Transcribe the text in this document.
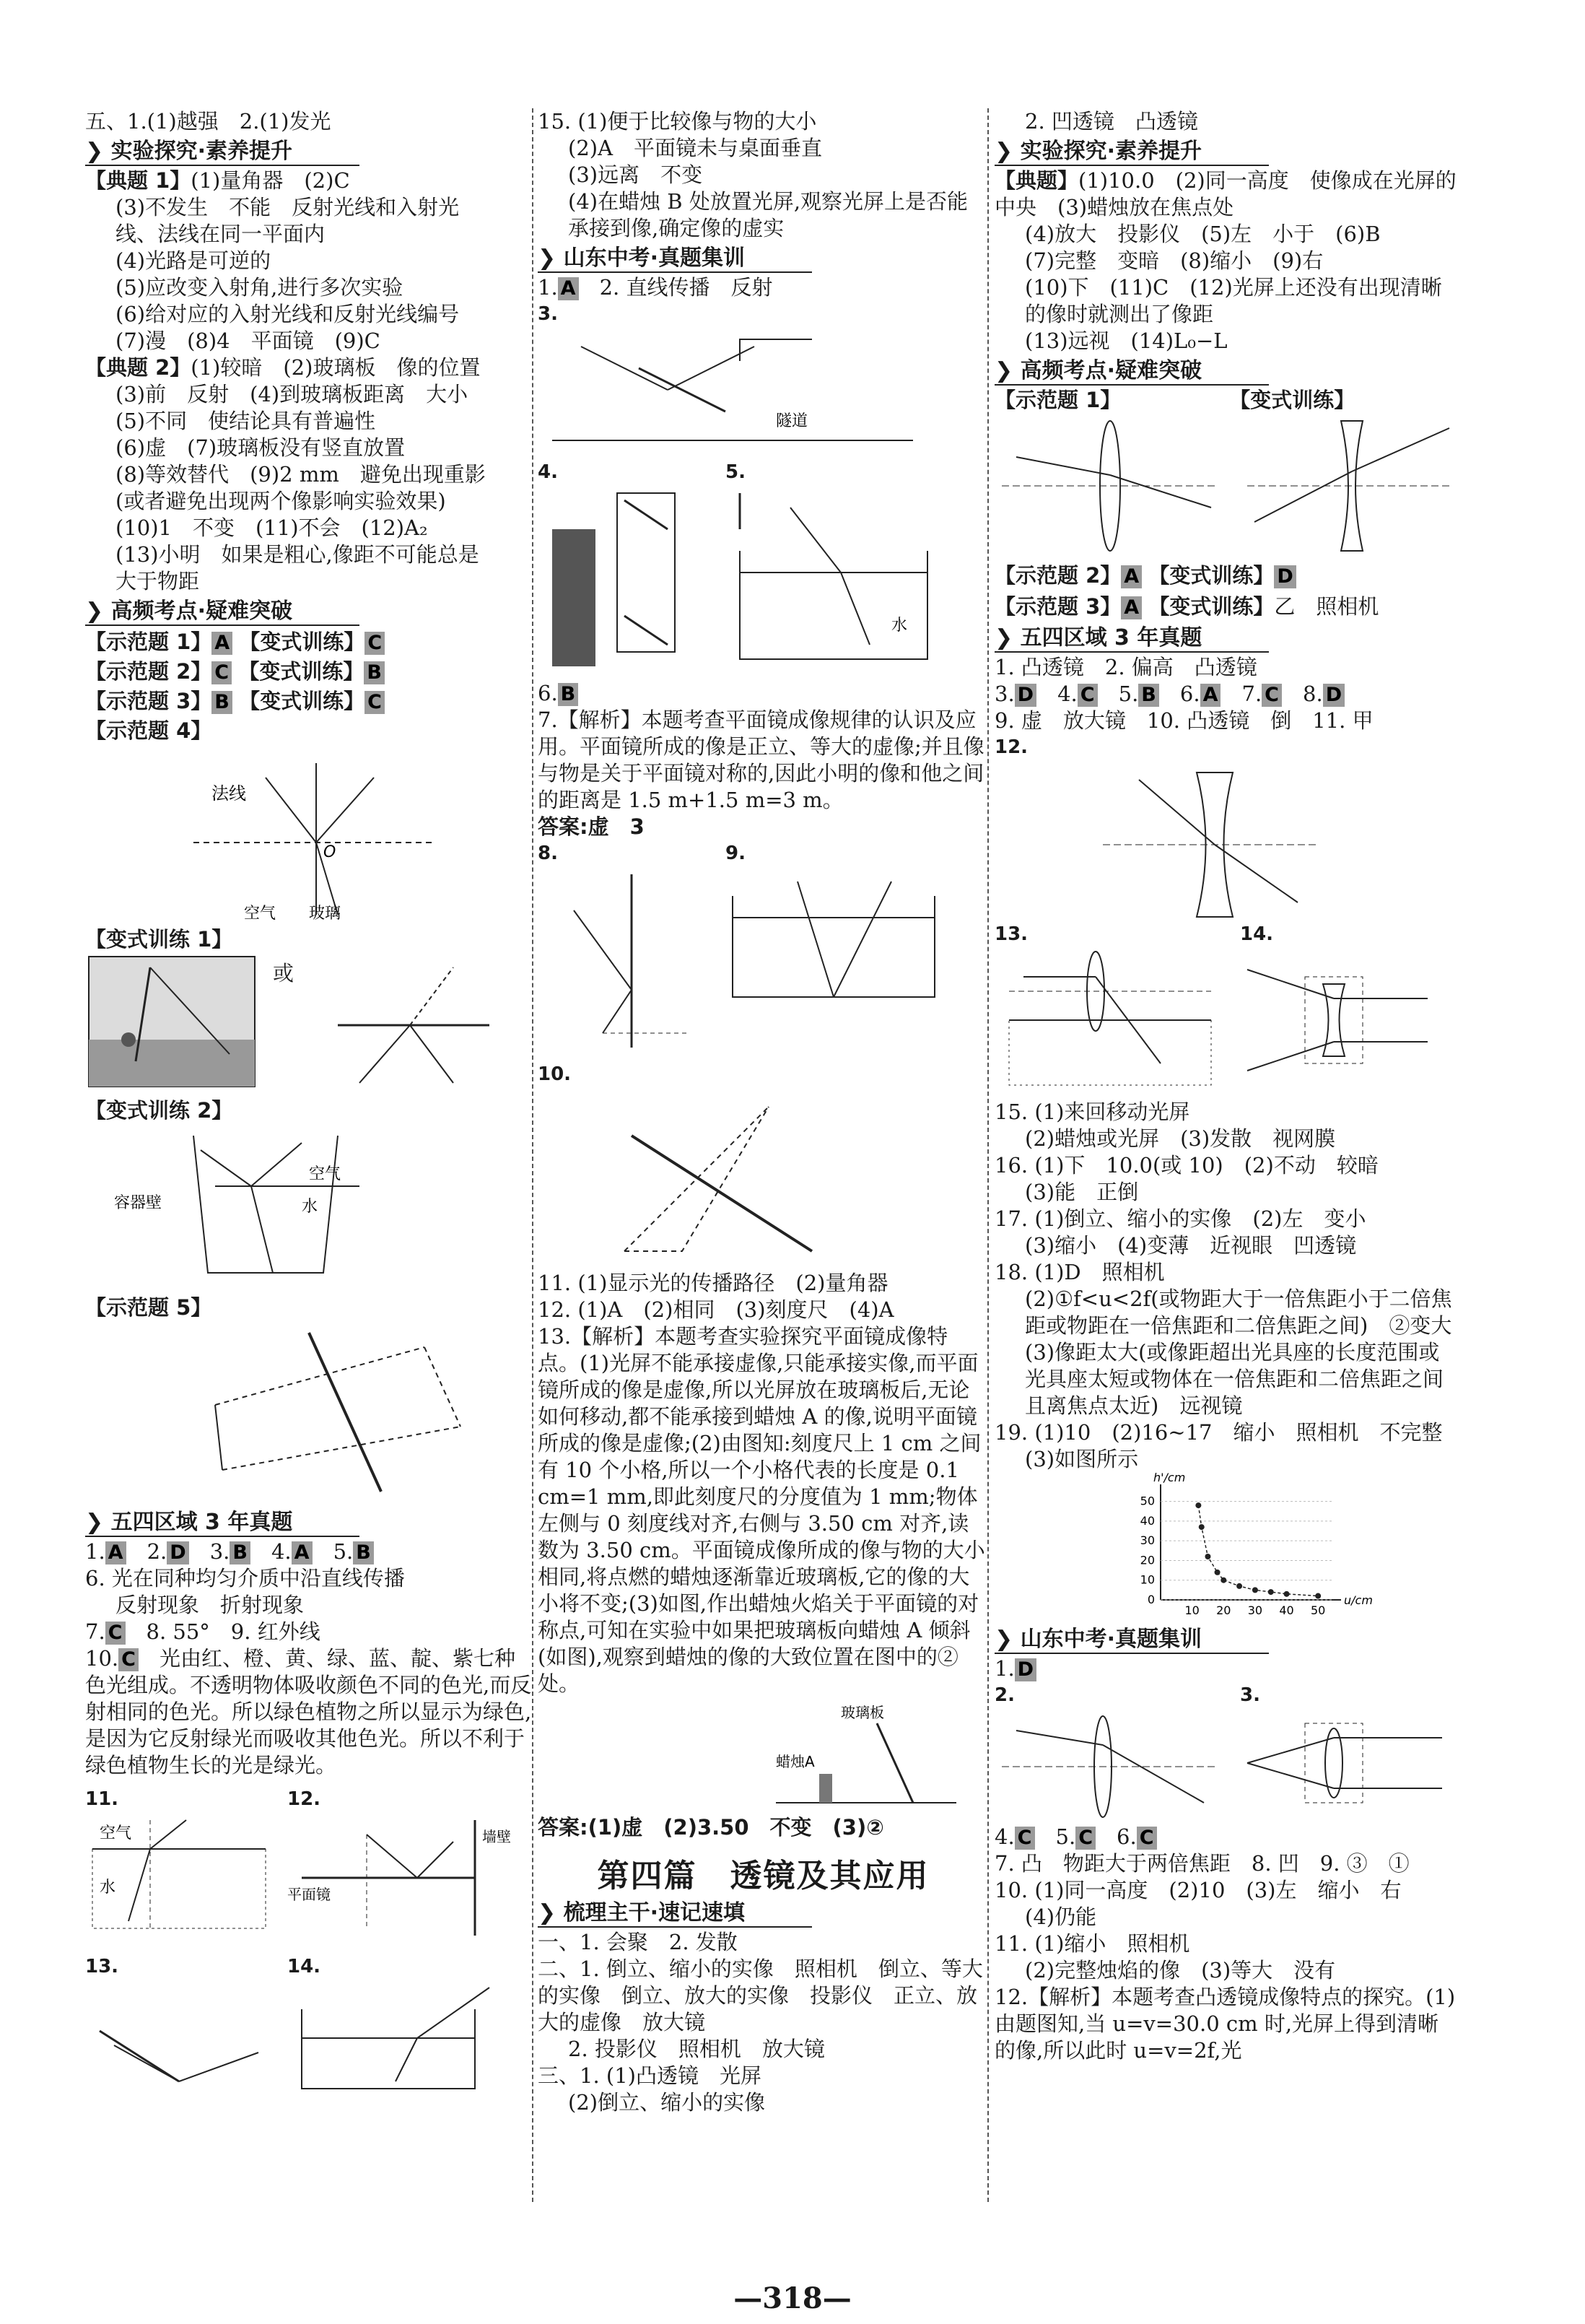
五、1.(1)越强　2.(1)发光
❯ 实验探究·素养提升
【典题 1】(1)量角器　(2)C
(3)不发生　不能　反射光线和入射光
线、法线在同一平面内
(4)光路是可逆的
(5)应改变入射角,进行多次实验
(6)给对应的入射光线和反射光线编号
(7)漫　(8)4　平面镜　(9)C
【典题 2】(1)较暗　(2)玻璃板　像的位置
(3)前　反射　(4)到玻璃板距离　大小
(5)不同　使结论具有普遍性
(6)虚　(7)玻璃板没有竖直放置
(8)等效替代　(9)2 mm　避免出现重影
(或者避免出现两个像影响实验效果)
(10)1　不变　(11)不会　(12)A₂
(13)小明　如果是粗心,像距不可能总是
大于物距
❯ 高频考点·疑难突破
【示范题 1】 A 【变式训练】 C
【示范题 2】 C 【变式训练】 B
【示范题 3】 B 【变式训练】 C
【示范题 4】
法线
O
空气 玻璃
【变式训练 1】
或
【变式训练 2】
容器壁
空气
水
【示范题 5】
❯ 五四区域 3 年真题
1. A　 2. D　 3. B　 4. A　 5. B
6. 光在同种均匀介质中沿直线传播
反射现象　折射现象
7. C　 8. 55°　9. 红外线
10. C　 光由红、橙、黄、绿、蓝、靛、紫七种色光组成。不透明物体吸收颜色不同的色光,而反射相同的色光。所以绿色植物之所以显示为绿色,是因为它反射绿光而吸收其他色光。所以不利于绿色植物生长的光是绿光。
11.
空气
水
12.
平面镜
墙壁
13.	14.
15. (1)便于比较像与物的大小
(2)A　平面镜未与桌面垂直
(3)远离　不变
(4)在蜡烛 B 处放置光屏,观察光屏上是否能承接到像,确定像的虚实
❯ 山东中考·真题集训
1. A　 2. 直线传播　反射
3.
隧道
4.	5.
水
6. B
7.【解析】本题考查平面镜成像规律的认识及应用。平面镜所成的像是正立、等大的虚像;并且像与物是关于平面镜对称的,因此小明的像和他之间的距离是 1.5 m+1.5 m=3 m。
答案:虚　3
8.	9.
10.
11. (1)显示光的传播路径　(2)量角器
12. (1)A　(2)相同　(3)刻度尺　(4)A
13.【解析】本题考查实验探究平面镜成像特点。(1)光屏不能承接虚像,只能承接实像,而平面镜所成的像是虚像,所以光屏放在玻璃板后,无论如何移动,都不能承接到蜡烛 A 的像,说明平面镜所成的像是虚像;(2)由图知:刻度尺上 1 cm 之间有 10 个小格,所以一个小格代表的长度是 0.1 cm=1 mm,即此刻度尺的分度值为 1 mm;物体左侧与 0 刻度线对齐,右侧与 3.50 cm 对齐,读数为 3.50 cm。平面镜成像所成的像与物的大小相同,将点燃的蜡烛逐渐靠近玻璃板,它的像的大小将不变;(3)如图,作出蜡烛火焰关于平面镜的对称点,可知在实验中如果把玻璃板向蜡烛 A 倾斜(如图),观察到蜡烛的像的大致位置在图中的②处。
玻璃板
蜡烛A
答案:(1)虚　(2)3.50　不变　(3)②
第四篇　透镜及其应用
❯ 梳理主干·速记速填
一、1. 会聚　2. 发散
二、1. 倒立、缩小的实像　照相机　倒立、等大的实像　倒立、放大的实像　投影仪　正立、放大的虚像　放大镜
2. 投影仪　照相机　放大镜
三、1. (1)凸透镜　光屏
(2)倒立、缩小的实像
2. 凹透镜　凸透镜
❯ 实验探究·素养提升
【典题】(1)10.0　(2)同一高度　使像成在光屏的中央　(3)蜡烛放在焦点处
(4)放大　投影仪　(5)左　小于　(6)B
(7)完整　变暗　(8)缩小　(9)右
(10)下　(11)C　(12)光屏上还没有出现清晰的像时就测出了像距
(13)远视　(14)L₀−L
❯ 高频考点·疑难突破
【示范题 1】	【变式训练】
【示范题 2】 A 【变式训练】 D
【示范题 3】 A 【变式训练】乙　照相机
❯ 五四区域 3 年真题
1. 凸透镜　2. 偏高　凸透镜
3. D　 4. C　 5. B　 6. A　 7. C　 8. D
9. 虚　放大镜　10. 凸透镜　倒　11. 甲
12.
13.	14.
15. (1)来回移动光屏
(2)蜡烛或光屏　(3)发散　视网膜
16. (1)下　10.0(或 10)　(2)不动　较暗
(3)能　正倒
17. (1)倒立、缩小的实像　(2)左　变小
(3)缩小　(4)变薄　近视眼　凹透镜
18. (1)D　照相机
(2)①f<u<2f(或物距大于一倍焦距小于二倍焦距或物距在一倍焦距和二倍焦距之间)　②变大　(3)像距太大(或像距超出光具座的长度范围或光具座太短或物体在一倍焦距和二倍焦距之间且离焦点太近)　远视镜
19. (1)10　(2)16~17　缩小　照相机　不完整
(3)如图所示
10 20 30 40 50
0
10
20
30
40
50
u/cm
h'/cm
❯ 山东中考·真题集训
1. D
2.	3.
4. C　 5. C　 6. C
7. 凸　物距大于两倍焦距　8. 凹　9. ③　①
10. (1)同一高度　(2)10　(3)左　缩小　右
(4)仍能
11. (1)缩小　照相机
(2)完整烛焰的像　(3)等大　没有
12.【解析】本题考查凸透镜成像特点的探究。(1)由题图知,当 u=v=30.0 cm 时,光屏上得到清晰的像,所以此时 u=v=2f,光
—318—
